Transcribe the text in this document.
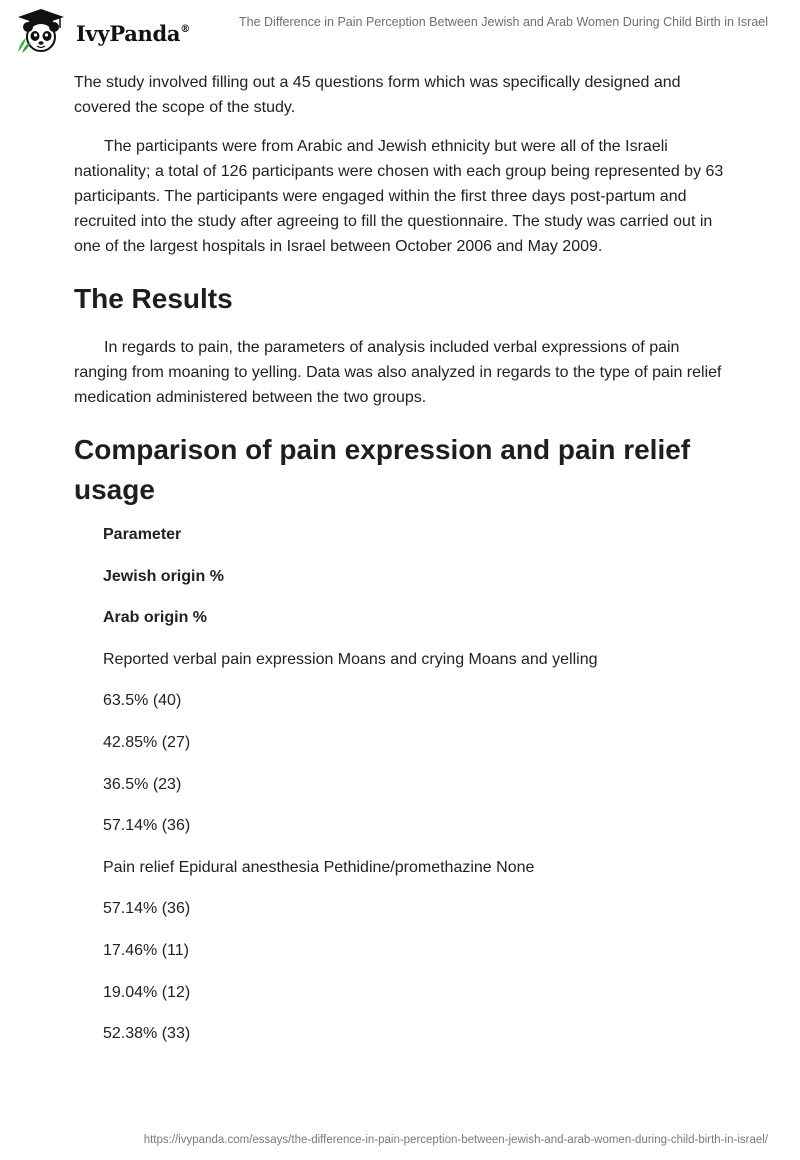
IvyPanda®	The Difference in Pain Perception Between Jewish and Arab Women During Child Birth in Israel

The study involved filling out a 45 questions form which was specifically designed and covered the scope of the study.

The participants were from Arabic and Jewish ethnicity but were all of the Israeli nationality; a total of 126 participants were chosen with each group being represented by 63 participants. The participants were engaged within the first three days post-partum and recruited into the study after agreeing to fill the questionnaire. The study was carried out in one of the largest hospitals in Israel between October 2006 and May 2009.

The Results

In regards to pain, the parameters of analysis included verbal expressions of pain ranging from moaning to yelling. Data was also analyzed in regards to the type of pain relief medication administered between the two groups.

Comparison of pain expression and pain relief usage
Parameter
Jewish origin %
Arab origin %
Reported verbal pain expression Moans and crying Moans and yelling
63.5% (40)
42.85% (27)
36.5% (23)
57.14% (36)
Pain relief Epidural anesthesia Pethidine/promethazine None
57.14% (36)
17.46% (11)
19.04% (12)
52.38% (33)
https://ivypanda.com/essays/the-difference-in-pain-perception-between-jewish-and-arab-women-during-child-birth-in-israel/
